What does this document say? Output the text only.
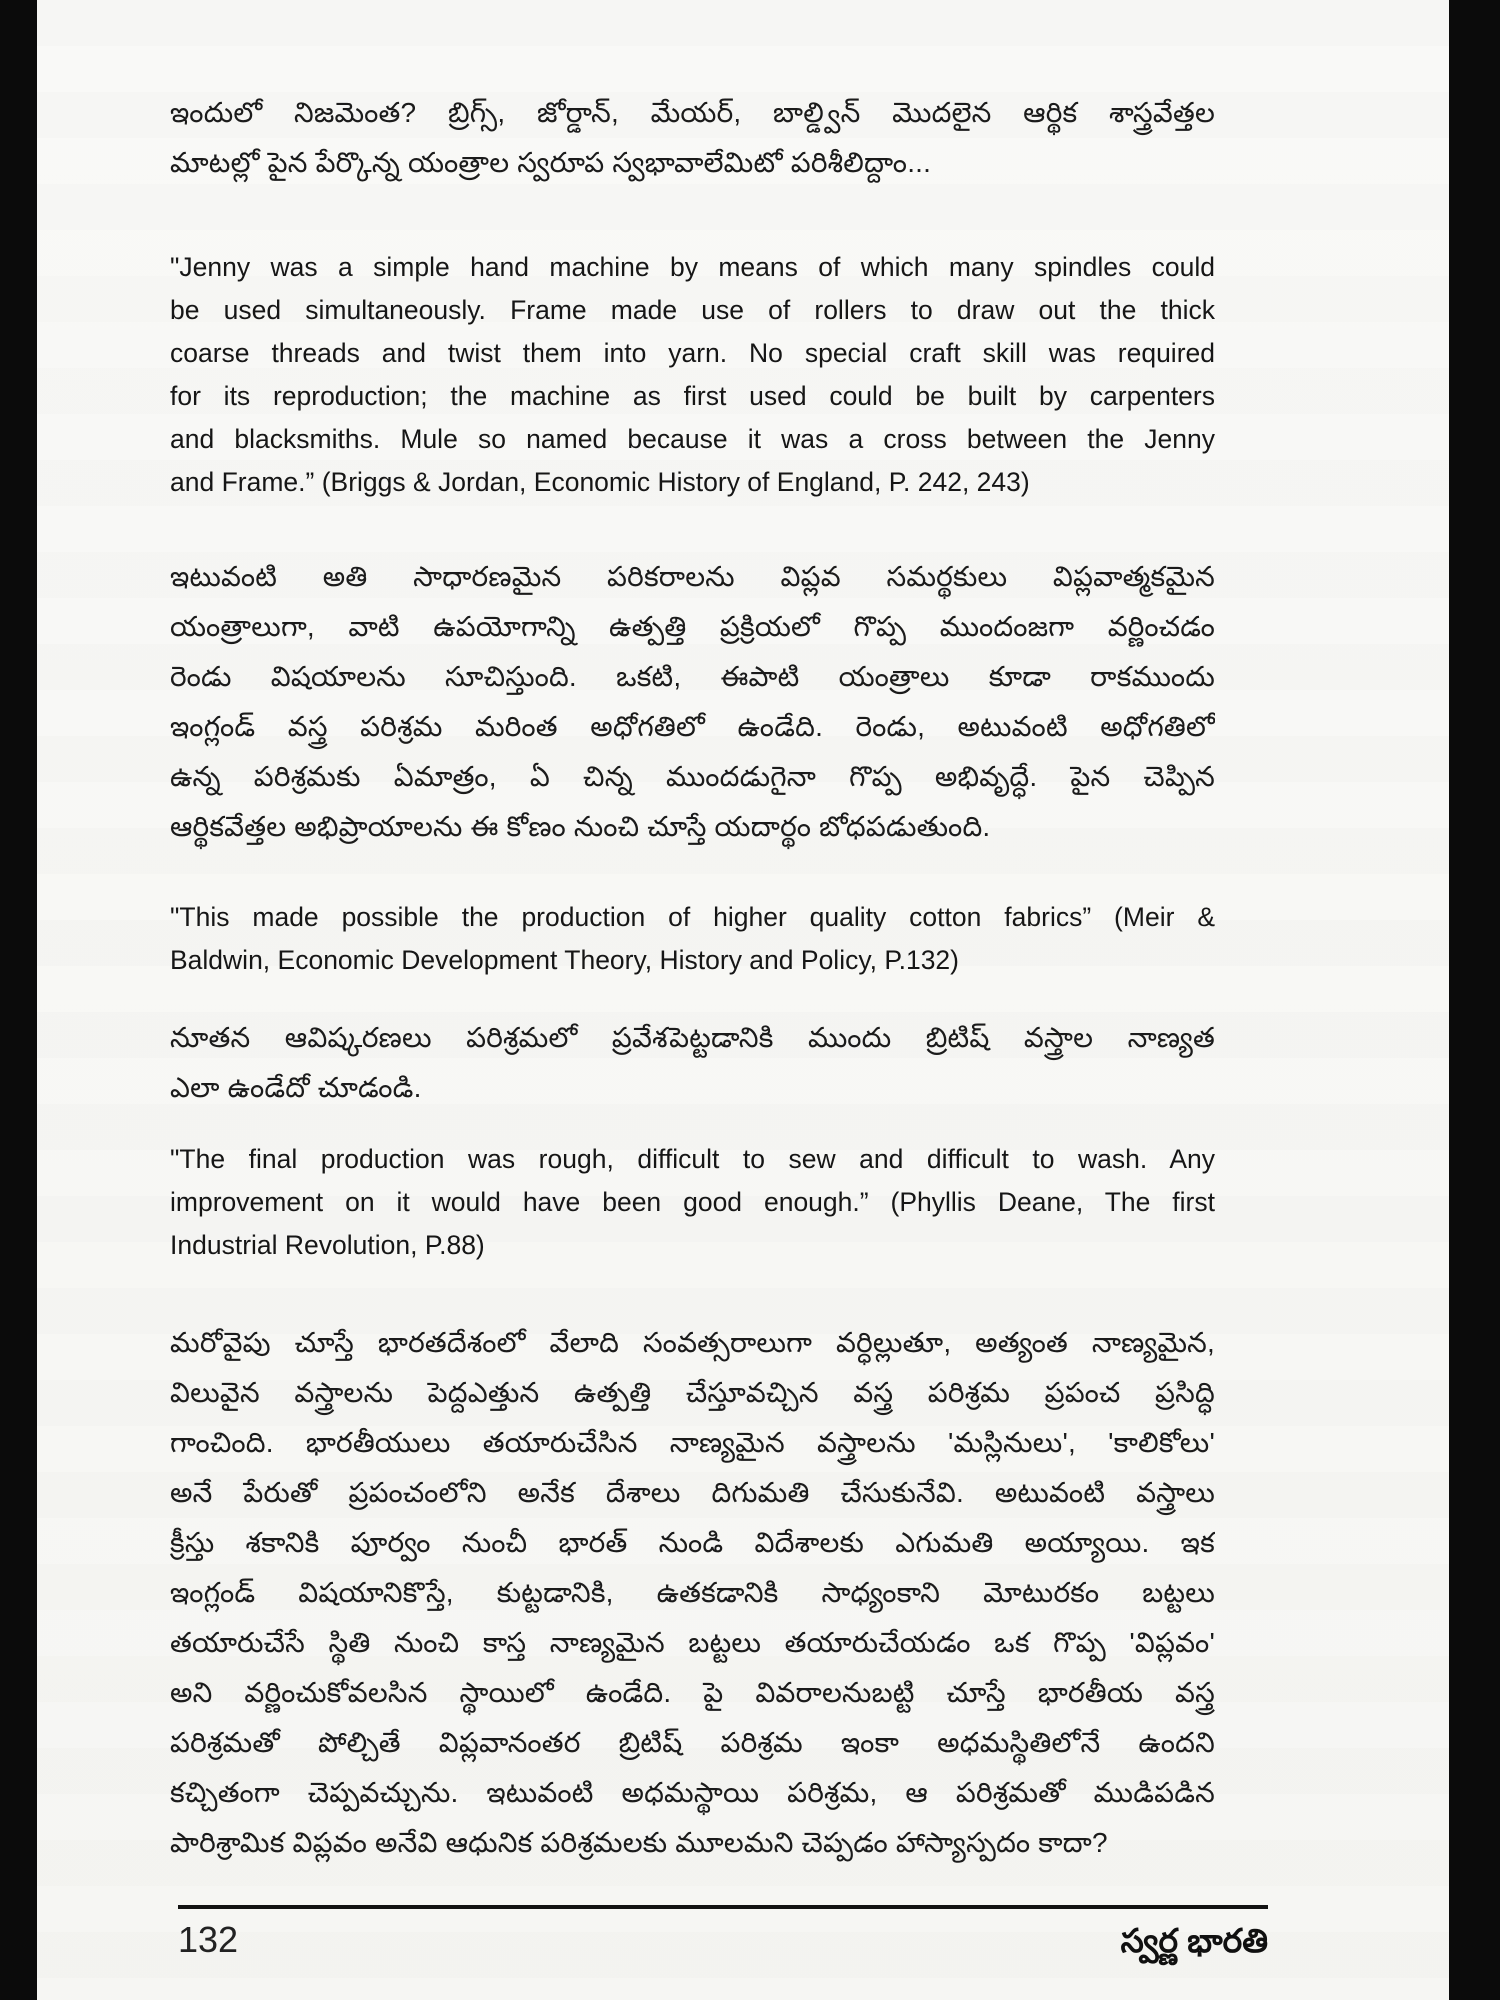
ఇందులో నిజమెంత? బ్రిగ్స్, జోర్డాన్, మేయర్, బాల్డ్విన్ మొదలైన ఆర్థిక శాస్త్రవేత్తల
మాటల్లో పైన పేర్కొన్న యంత్రాల స్వరూప స్వభావాలేమిటో పరిశీలిద్దాం...
"Jenny was a simple hand machine by means of which many spindles could
be used simultaneously. Frame made use of rollers to draw out the thick
coarse threads and twist them into yarn. No special craft skill was required
for its reproduction; the machine as first used could be built by carpenters
and blacksmiths. Mule so named because it was a cross between the Jenny
and Frame.” (Briggs & Jordan, Economic History of England, P. 242, 243)
ఇటువంటి అతి సాధారణమైన పరికరాలను విప్లవ సమర్థకులు విప్లవాత్మకమైన
యంత్రాలుగా, వాటి ఉపయోగాన్ని ఉత్పత్తి ప్రక్రియలో గొప్ప ముందంజగా వర్ణించడం
రెండు విషయాలను సూచిస్తుంది. ఒకటి, ఈపాటి యంత్రాలు కూడా రాకముందు
ఇంగ్లండ్ వస్త్ర పరిశ్రమ మరింత అధోగతిలో ఉండేది. రెండు, అటువంటి అధోగతిలో
ఉన్న పరిశ్రమకు ఏమాత్రం, ఏ చిన్న ముందడుగైనా గొప్ప అభివృద్ధే. పైన చెప్పిన
ఆర్థికవేత్తల అభిప్రాయాలను ఈ కోణం నుంచి చూస్తే యదార్థం బోధపడుతుంది.
"This made possible the production of higher quality cotton fabrics” (Meir &
Baldwin, Economic Development Theory, History and Policy, P.132)
నూతన ఆవిష్కరణలు పరిశ్రమలో ప్రవేశపెట్టడానికి ముందు బ్రిటిష్ వస్త్రాల నాణ్యత
ఎలా ఉండేదో చూడండి.
"The final production was rough, difficult to sew and difficult to wash. Any
improvement on it would have been good enough.” (Phyllis Deane, The first
Industrial Revolution, P.88)
మరోవైపు చూస్తే భారతదేశంలో వేలాది సంవత్సరాలుగా వర్ధిల్లుతూ, అత్యంత నాణ్యమైన,
విలువైన వస్త్రాలను పెద్దఎత్తున ఉత్పత్తి చేస్తూవచ్చిన వస్త్ర పరిశ్రమ ప్రపంచ ప్రసిద్ధి
గాంచింది. భారతీయులు తయారుచేసిన నాణ్యమైన వస్త్రాలను 'మస్లినులు', 'కాలికోలు'
అనే పేరుతో ప్రపంచంలోని అనేక దేశాలు దిగుమతి చేసుకునేవి. అటువంటి వస్త్రాలు
క్రీస్తు శకానికి పూర్వం నుంచీ భారత్ నుండి విదేశాలకు ఎగుమతి అయ్యాయి. ఇక
ఇంగ్లండ్ విషయానికొస్తే, కుట్టడానికి, ఉతకడానికి సాధ్యంకాని మోటురకం బట్టలు
తయారుచేసే స్థితి నుంచి కాస్త నాణ్యమైన బట్టలు తయారుచేయడం ఒక గొప్ప 'విప్లవం'
అని వర్ణించుకోవలసిన స్థాయిలో ఉండేది. పై వివరాలనుబట్టి చూస్తే భారతీయ వస్త్ర
పరిశ్రమతో పోల్చితే విప్లవానంతర బ్రిటిష్ పరిశ్రమ ఇంకా అధమస్థితిలోనే ఉందని
కచ్చితంగా చెప్పవచ్చును. ఇటువంటి అధమస్థాయి పరిశ్రమ, ఆ పరిశ్రమతో ముడిపడిన
పారిశ్రామిక విప్లవం అనేవి ఆధునిక పరిశ్రమలకు మూలమని చెప్పడం హాస్యాస్పదం కాదా?
132	స్వర్ణ భారతి
